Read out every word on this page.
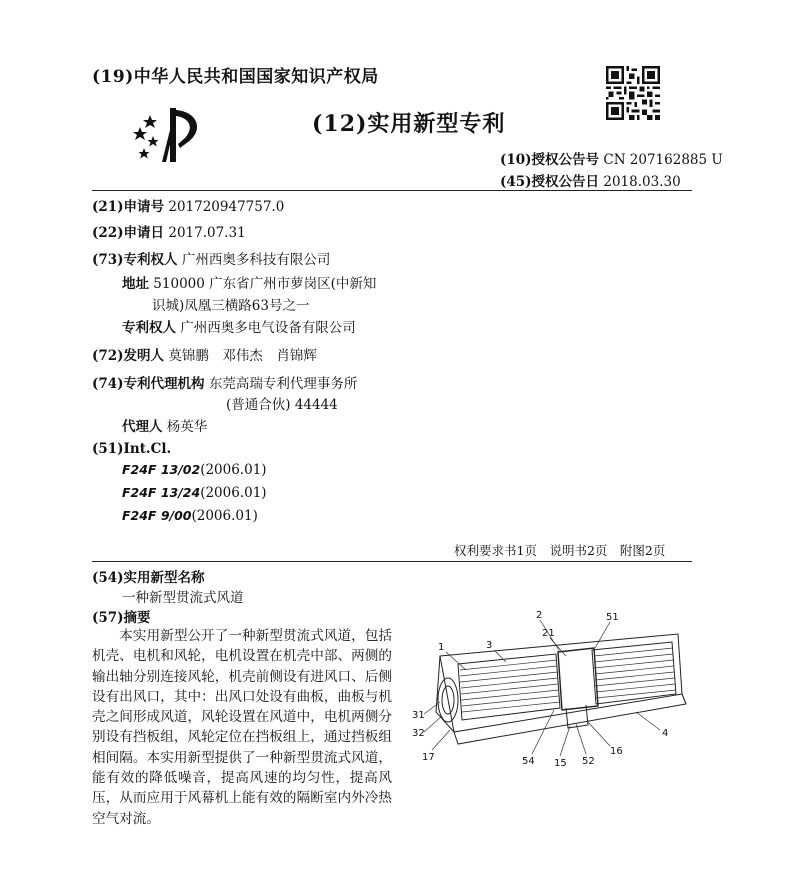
(19)中华人民共和国国家知识产权局
(12)实用新型专利
(10)授权公告号 CN 207162885 U
(45)授权公告日 2018.03.30
(21)申请号 201720947757.0
(22)申请日 2017.07.31
(73)专利权人 广州西奥多科技有限公司
地址 510000 广东省广州市萝岗区(中新知
识城)凤凰三横路63号之一
专利权人 广州西奥多电气设备有限公司
(72)发明人 莫锦鹏　邓伟杰　肖锦辉
(74)专利代理机构 东莞高瑞专利代理事务所
(普通合伙) 44444
代理人 杨英华
(51)Int.Cl.
F24F 13/02(2006.01)
F24F 13/24(2006.01)
F24F 9/00(2006.01)
权利要求书1页　说明书2页　附图2页
(54)实用新型名称
一种新型贯流式风道
(57)摘要
　　本实用新型公开了一种新型贯流式风道，包括机壳、电机和风轮，电机设置在机壳中部、两侧的输出轴分别连接风轮，机壳前侧设有进风口、后侧设有出风口，其中：出风口处设有曲板，曲板与机壳之间形成风道，风轮设置在风道中，电机两侧分别设有挡板组，风轮定位在挡板组上，通过挡板组相间隔。本实用新型提供了一种新型贯流式风道，能有效的降低噪音，提高风速的均匀性，提高风压，从而应用于风幕机上能有效的隔断室内外冷热空气对流。
2	51
21
3
1
31
32
17	54 15 52
16
4
